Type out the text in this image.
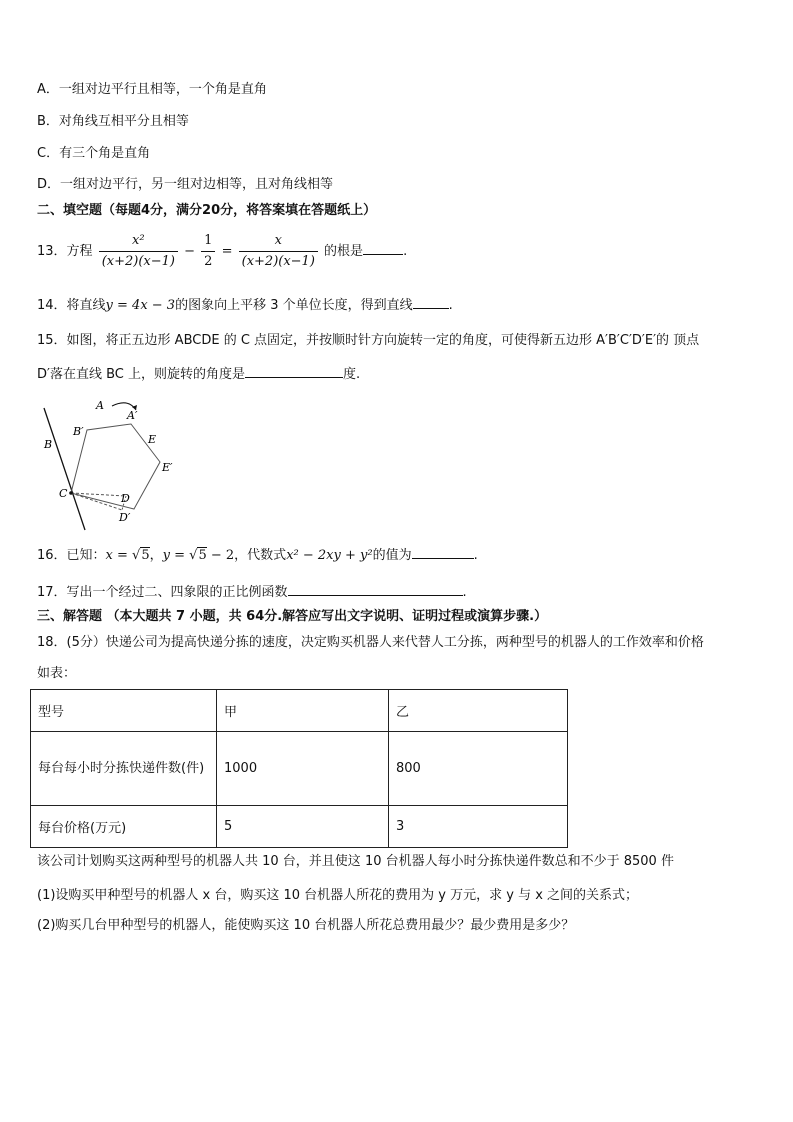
A．一组对边平行且相等，一个角是直角
B．对角线互相平分且相等
C．有三个角是直角
D．一组对边平行，另一组对边相等，且对角线相等
二、填空题（每题4分，满分20分，将答案填在答题纸上）
13．方程 $\frac{\text{x²}}{(x+2)(x-1)} - \frac{1}{2} = \frac{x}{(x+2)(x-1)}$ 的根是	.
14．将直线y = 4x − 3的图象向上平移 3 个单位长度，得到直线	.
15．如图，将正五边形 ABCDE 的 C 点固定，并按顺时针方向旋转一定的角度，可使得新五边形 A′B′C′D′E′的 顶点
D′落在直线 BC 上，则旋转的角度是	度.
A
A′
B
B′
C	D
D′
E
E′
16．已知：x = √5，y = √5 − 2，代数式x² − 2xy + y²的值为	.
17．写出一个经过二、四象限的正比例函数	.
三、解答题 （本大题共 7 小题，共 64分.解答应写出文字说明、证明过程或演算步骤.）
18．(5分）快递公司为提高快递分拣的速度，决定购买机器人来代替人工分拣，两种型号的机器人的工作效率和价格
如表：
型号	甲	乙
每台每小时分拣快递件数(件)	1000	800
每台价格(万元)	5	3
该公司计划购买这两种型号的机器人共 10 台，并且使这 10 台机器人每小时分拣快递件数总和不少于 8500 件
(1)设购买甲种型号的机器人 x 台，购买这 10 台机器人所花的费用为 y 万元，求 y 与 x 之间的关系式；
(2)购买几台甲种型号的机器人，能使购买这 10 台机器人所花总费用最少？最少费用是多少？
